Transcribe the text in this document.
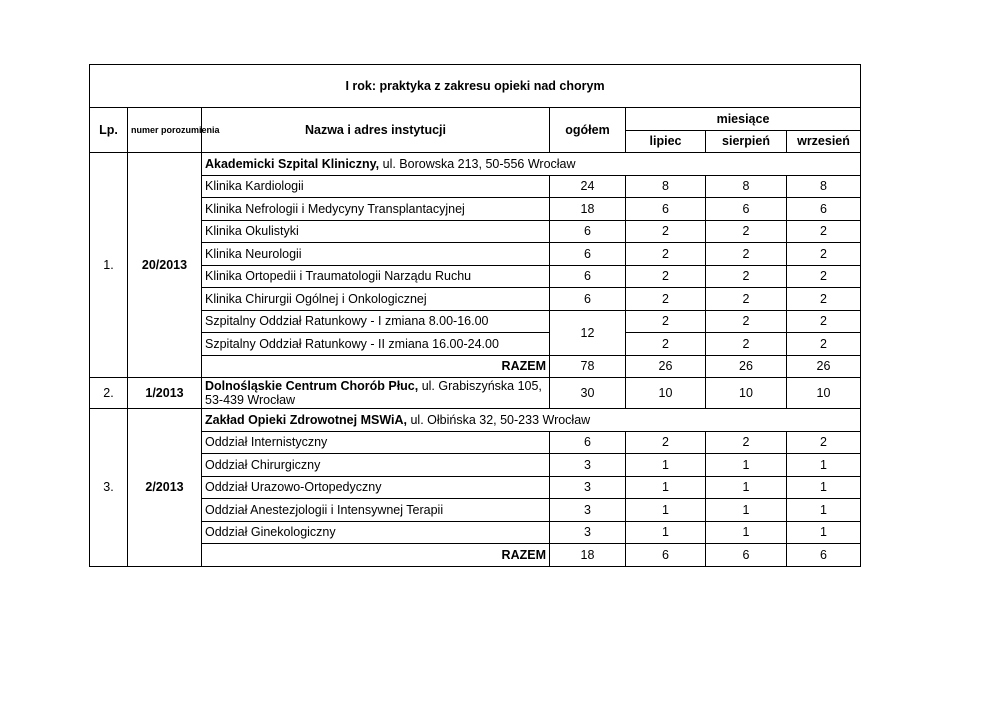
I rok: praktyka z zakresu opieki nad chorym						
Lp.	numer porozumienia	Nazwa i adres instytucji	ogółem	miesiące		
				lipiec	sierpień	wrzesień
1.	20/2013	Akademicki Szpital Kliniczny, ul. Borowska 213, 50-556 Wrocław				
		Klinika Kardiologii	24	8	8	8
		Klinika Nefrologii i Medycyny Transplantacyjnej	18	6	6	6
		Klinika Okulistyki	6	2	2	2
		Klinika Neurologii	6	2	2	2
		Klinika Ortopedii i Traumatologii Narządu Ruchu	6	2	2	2
		Klinika Chirurgii Ogólnej i Onkologicznej	6	2	2	2
		Szpitalny Oddział Ratunkowy - I zmiana 8.00-16.00	12	2	2	2
		Szpitalny Oddział Ratunkowy - II zmiana 16.00-24.00		2	2	2
		RAZEM	78	26	26	26
2.	1/2013	Dolnośląskie Centrum Chorób Płuc, ul. Grabiszyńska 105, 53-439 Wrocław	30	10	10	10
3.	2/2013	Zakład Opieki Zdrowotnej MSWiA, ul. Ołbińska 32, 50-233 Wrocław				
		Oddział Internistyczny	6	2	2	2
		Oddział Chirurgiczny	3	1	1	1
		Oddział Urazowo-Ortopedyczny	3	1	1	1
		Oddział Anestezjologii i Intensywnej Terapii	3	1	1	1
		Oddział Ginekologiczny	3	1	1	1
		RAZEM	18	6	6	6
